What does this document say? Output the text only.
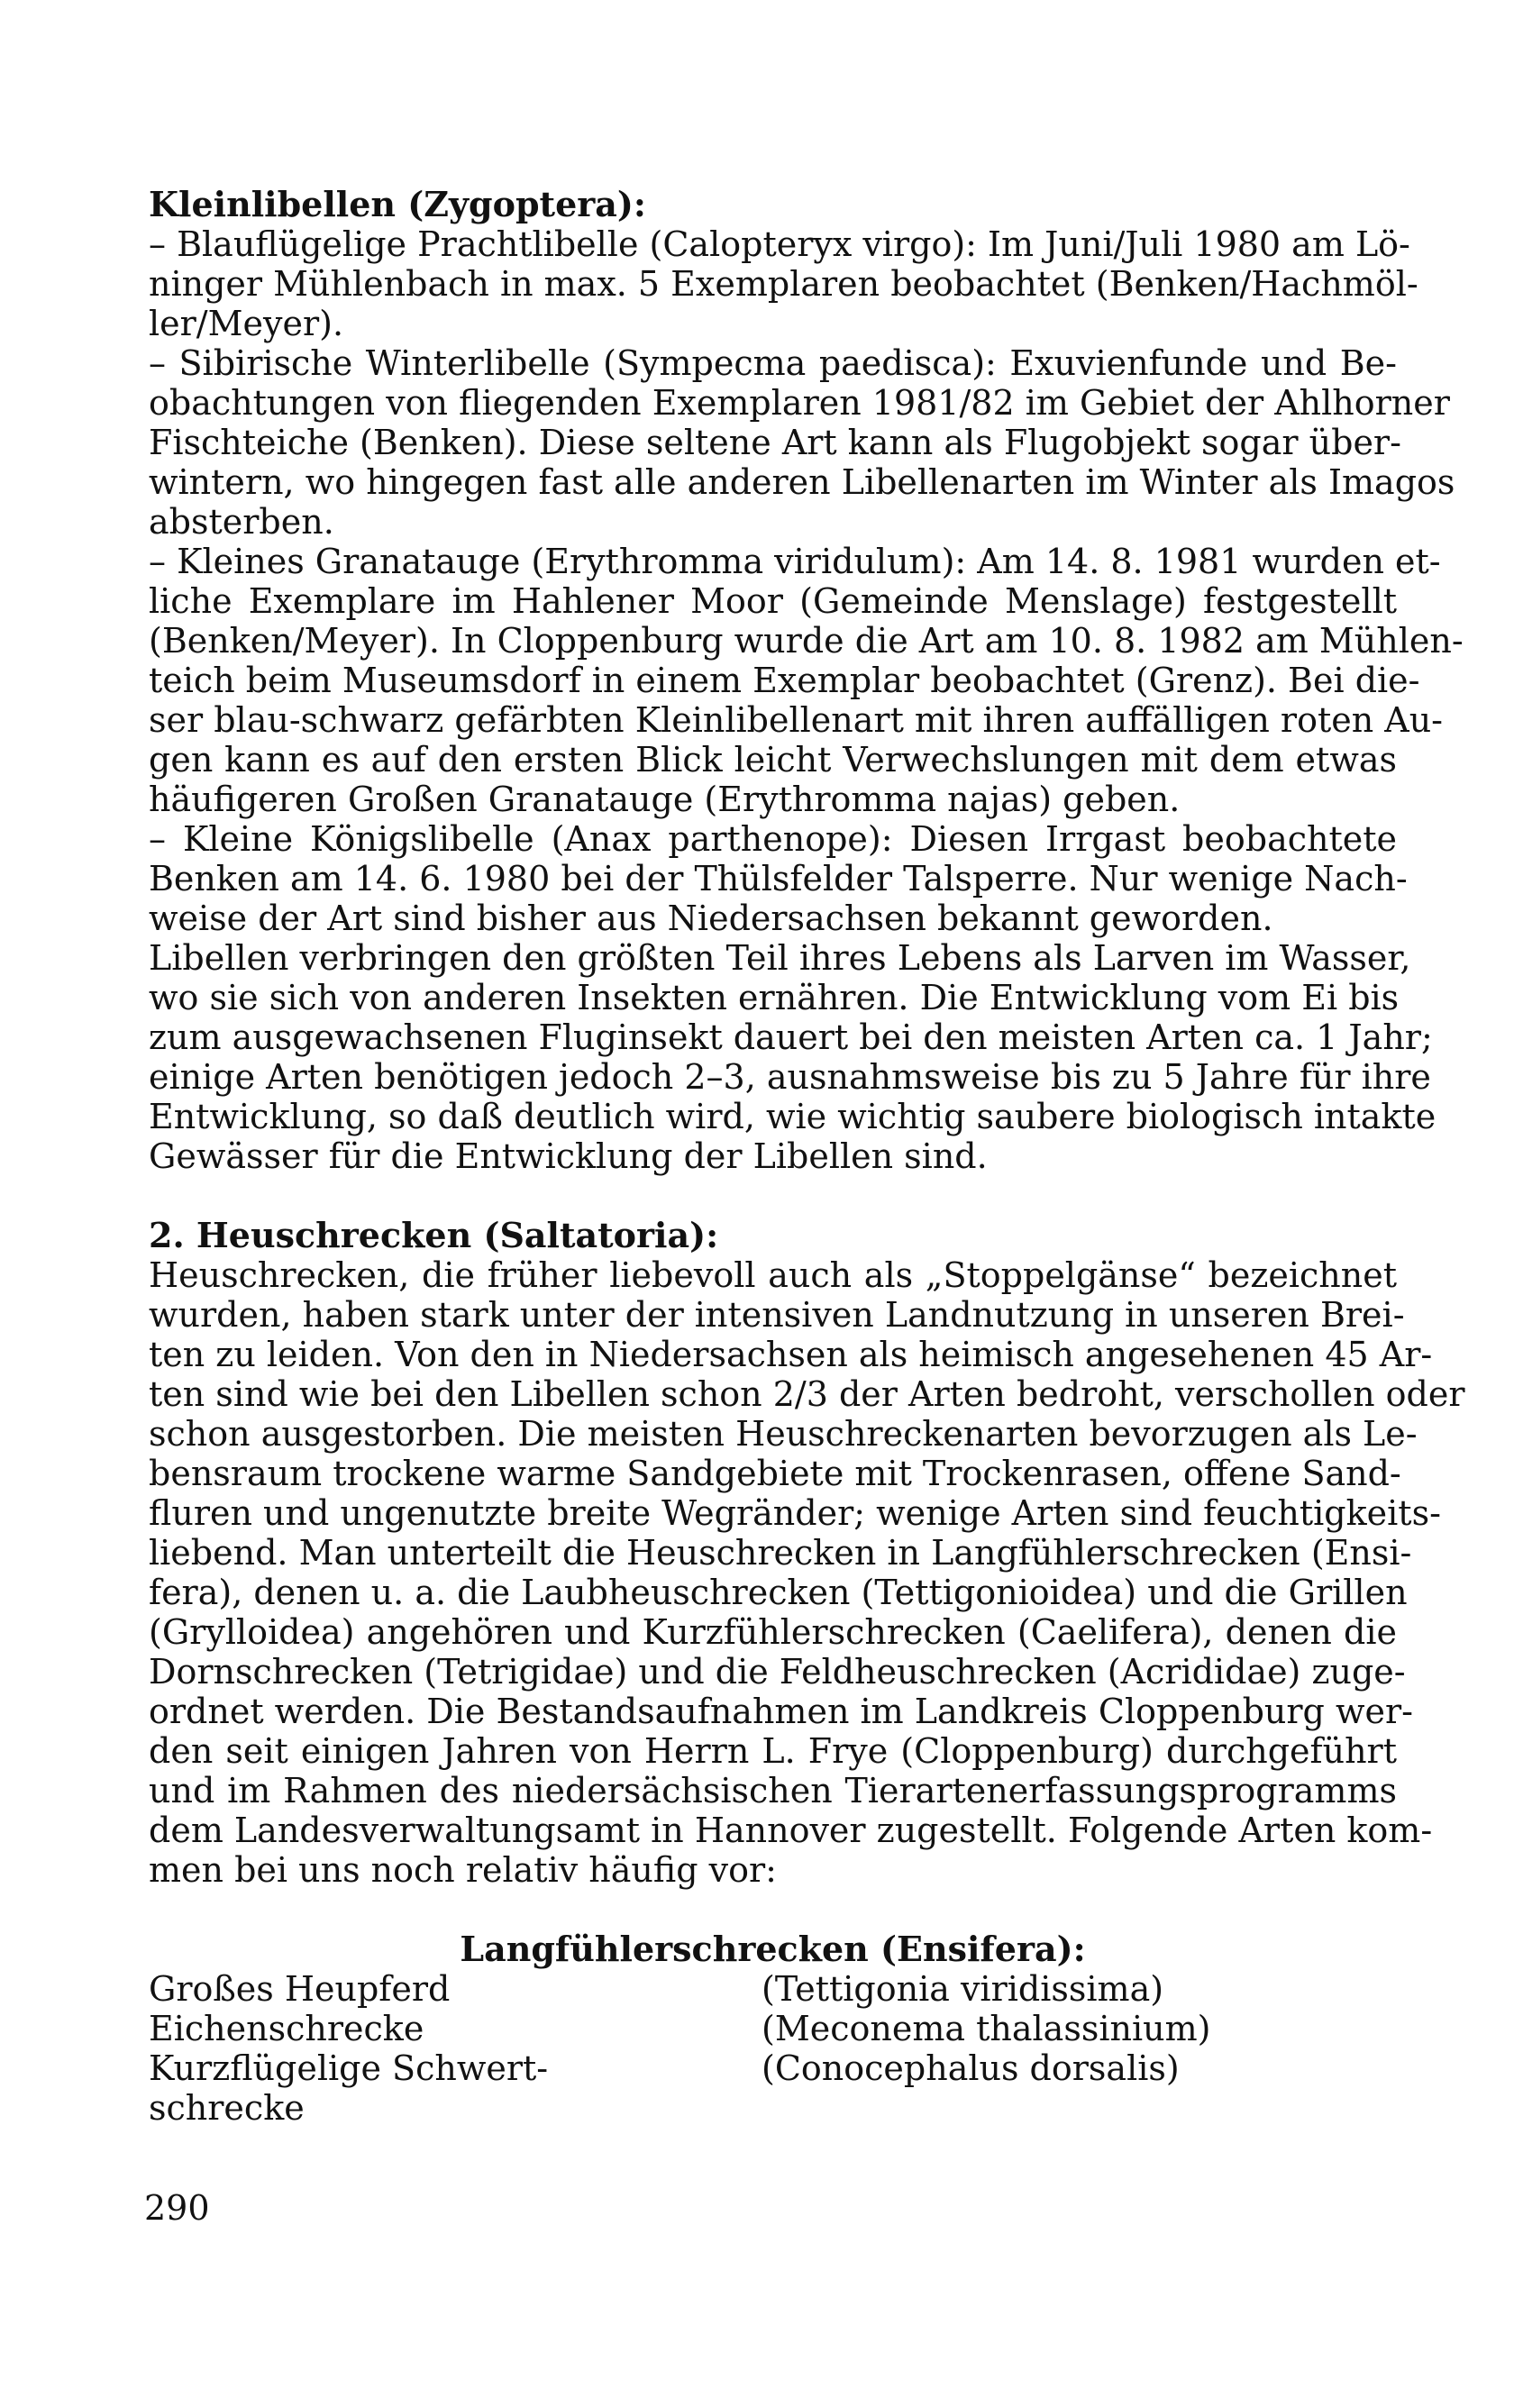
Kleinlibellen (Zygoptera):
– Blauflügelige Prachtlibelle (Calopteryx virgo): Im Juni/Juli 1980 am Lö-
ninger Mühlenbach in max. 5 Exemplaren beobachtet (Benken/Hachmöl-
ler/Meyer).
– Sibirische Winterlibelle (Sympecma paedisca): Exuvienfunde und Be-
obachtungen von fliegenden Exemplaren 1981/82 im Gebiet der Ahlhorner
Fischteiche (Benken). Diese seltene Art kann als Flugobjekt sogar über-
wintern, wo hingegen fast alle anderen Libellenarten im Winter als Imagos
absterben.
– Kleines Granatauge (Erythromma viridulum): Am 14. 8. 1981 wurden et-
liche Exemplare im Hahlener Moor (Gemeinde Menslage) festgestellt
(Benken/Meyer). In Cloppenburg wurde die Art am 10. 8. 1982 am Mühlen-
teich beim Museumsdorf in einem Exemplar beobachtet (Grenz). Bei die-
ser blau-schwarz gefärbten Kleinlibellenart mit ihren auffälligen roten Au-
gen kann es auf den ersten Blick leicht Verwechslungen mit dem etwas
häufigeren Großen Granatauge (Erythromma najas) geben.
– Kleine Königslibelle (Anax parthenope): Diesen Irrgast beobachtete
Benken am 14. 6. 1980 bei der Thülsfelder Talsperre. Nur wenige Nach-
weise der Art sind bisher aus Niedersachsen bekannt geworden.
Libellen verbringen den größten Teil ihres Lebens als Larven im Wasser,
wo sie sich von anderen Insekten ernähren. Die Entwicklung vom Ei bis
zum ausgewachsenen Fluginsekt dauert bei den meisten Arten ca. 1 Jahr;
einige Arten benötigen jedoch 2–3, ausnahmsweise bis zu 5 Jahre für ihre
Entwicklung, so daß deutlich wird, wie wichtig saubere biologisch intakte
Gewässer für die Entwicklung der Libellen sind.
2. Heuschrecken (Saltatoria):
Heuschrecken, die früher liebevoll auch als „Stoppelgänse“ bezeichnet
wurden, haben stark unter der intensiven Landnutzung in unseren Brei-
ten zu leiden. Von den in Niedersachsen als heimisch angesehenen 45 Ar-
ten sind wie bei den Libellen schon 2/3 der Arten bedroht, verschollen oder
schon ausgestorben. Die meisten Heuschreckenarten bevorzugen als Le-
bensraum trockene warme Sandgebiete mit Trockenrasen, offene Sand-
fluren und ungenutzte breite Wegränder; wenige Arten sind feuchtigkeits-
liebend. Man unterteilt die Heuschrecken in Langfühlerschrecken (Ensi-
fera), denen u. a. die Laubheuschrecken (Tettigonioidea) und die Grillen
(Grylloidea) angehören und Kurzfühlerschrecken (Caelifera), denen die
Dornschrecken (Tetrigidae) und die Feldheuschrecken (Acrididae) zuge-
ordnet werden. Die Bestandsaufnahmen im Landkreis Cloppenburg wer-
den seit einigen Jahren von Herrn L. Frye (Cloppenburg) durchgeführt
und im Rahmen des niedersächsischen Tierartenerfassungsprogramms
dem Landesverwaltungsamt in Hannover zugestellt. Folgende Arten kom-
men bei uns noch relativ häufig vor:
Langfühlerschrecken (Ensifera):
Großes Heupferd	(Tettigonia viridissima)
Eichenschrecke	(Meconema thalassinium)
Kurzflügelige Schwert-	(Conocephalus dorsalis)
schrecke
290
